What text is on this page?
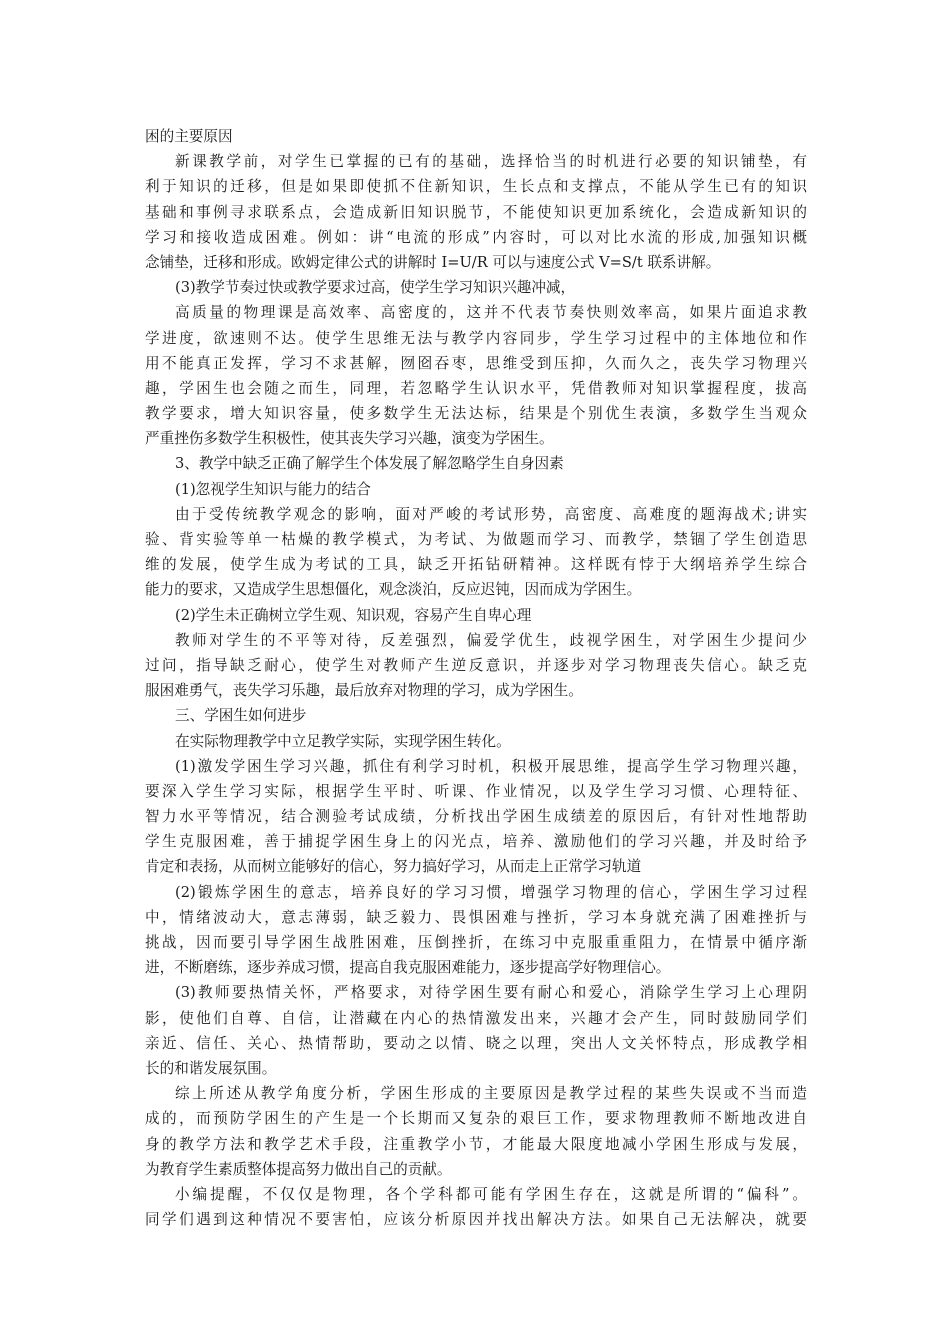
困的主要原因
新课教学前，对学生已掌握的已有的基础，选择恰当的时机进行必要的知识铺垫，有
利于知识的迁移，但是如果即使抓不住新知识，生长点和支撑点，不能从学生已有的知识
基础和事例寻求联系点，会造成新旧知识脱节，不能使知识更加系统化，会造成新知识的
学习和接收造成困难。例如：讲“电流的形成”内容时，可以对比水流的形成,加强知识概
念铺垫，迁移和形成。欧姆定律公式的讲解时 I=U/R 可以与速度公式 V=S/t 联系讲解。
(3)教学节奏过快或教学要求过高，使学生学习知识兴趣冲减，
高质量的物理课是高效率、高密度的，这并不代表节奏快则效率高，如果片面追求教
学进度，欲速则不达。使学生思维无法与教学内容同步，学生学习过程中的主体地位和作
用不能真正发挥，学习不求甚解，囫囵吞枣，思维受到压抑，久而久之，丧失学习物理兴
趣，学困生也会随之而生，同理，若忽略学生认识水平，凭借教师对知识掌握程度，拔高
教学要求，增大知识容量，使多数学生无法达标，结果是个别优生表演，多数学生当观众
严重挫伤多数学生积极性，使其丧失学习兴趣，演变为学困生。
3、教学中缺乏正确了解学生个体发展了解忽略学生自身因素
(1)忽视学生知识与能力的结合
由于受传统教学观念的影响，面对严峻的考试形势，高密度、高难度的题海战术;讲实
验、背实验等单一枯燥的教学模式，为考试、为做题而学习、而教学，禁锢了学生创造思
维的发展，使学生成为考试的工具，缺乏开拓钻研精神。这样既有悖于大纲培养学生综合
能力的要求，又造成学生思想僵化，观念淡泊，反应迟钝，因而成为学困生。
(2)学生未正确树立学生观、知识观，容易产生自卑心理
教师对学生的不平等对待，反差强烈，偏爱学优生，歧视学困生，对学困生少提问少
过问，指导缺乏耐心，使学生对教师产生逆反意识，并逐步对学习物理丧失信心。缺乏克
服困难勇气，丧失学习乐趣，最后放弃对物理的学习，成为学困生。
三、学困生如何进步
在实际物理教学中立足教学实际，实现学困生转化。
(1)激发学困生学习兴趣，抓住有利学习时机，积极开展思维，提高学生学习物理兴趣，
要深入学生学习实际，根据学生平时、听课、作业情况，以及学生学习习惯、心理特征、
智力水平等情况，结合测验考试成绩，分析找出学困生成绩差的原因后，有针对性地帮助
学生克服困难，善于捕捉学困生身上的闪光点，培养、激励他们的学习兴趣，并及时给予
肯定和表扬，从而树立能够好的信心，努力搞好学习，从而走上正常学习轨道
(2)锻炼学困生的意志，培养良好的学习习惯，增强学习物理的信心，学困生学习过程
中，情绪波动大，意志薄弱，缺乏毅力、畏惧困难与挫折，学习本身就充满了困难挫折与
挑战，因而要引导学困生战胜困难，压倒挫折，在练习中克服重重阻力，在情景中循序渐
进，不断磨练，逐步养成习惯，提高自我克服困难能力，逐步提高学好物理信心。
(3)教师要热情关怀，严格要求，对待学困生要有耐心和爱心，消除学生学习上心理阴
影，使他们自尊、自信，让潜藏在内心的热情激发出来，兴趣才会产生，同时鼓励同学们
亲近、信任、关心、热情帮助，要动之以情、晓之以理，突出人文关怀特点，形成教学相
长的和谐发展氛围。
综上所述从教学角度分析，学困生形成的主要原因是教学过程的某些失误或不当而造
成的，而预防学困生的产生是一个长期而又复杂的艰巨工作，要求物理教师不断地改进自
身的教学方法和教学艺术手段，注重教学小节，才能最大限度地减小学困生形成与发展，
为教育学生素质整体提高努力做出自己的贡献。
小编提醒，不仅仅是物理，各个学科都可能有学困生存在，这就是所谓的“偏科”。
同学们遇到这种情况不要害怕，应该分析原因并找出解决方法。如果自己无法解决，就要
